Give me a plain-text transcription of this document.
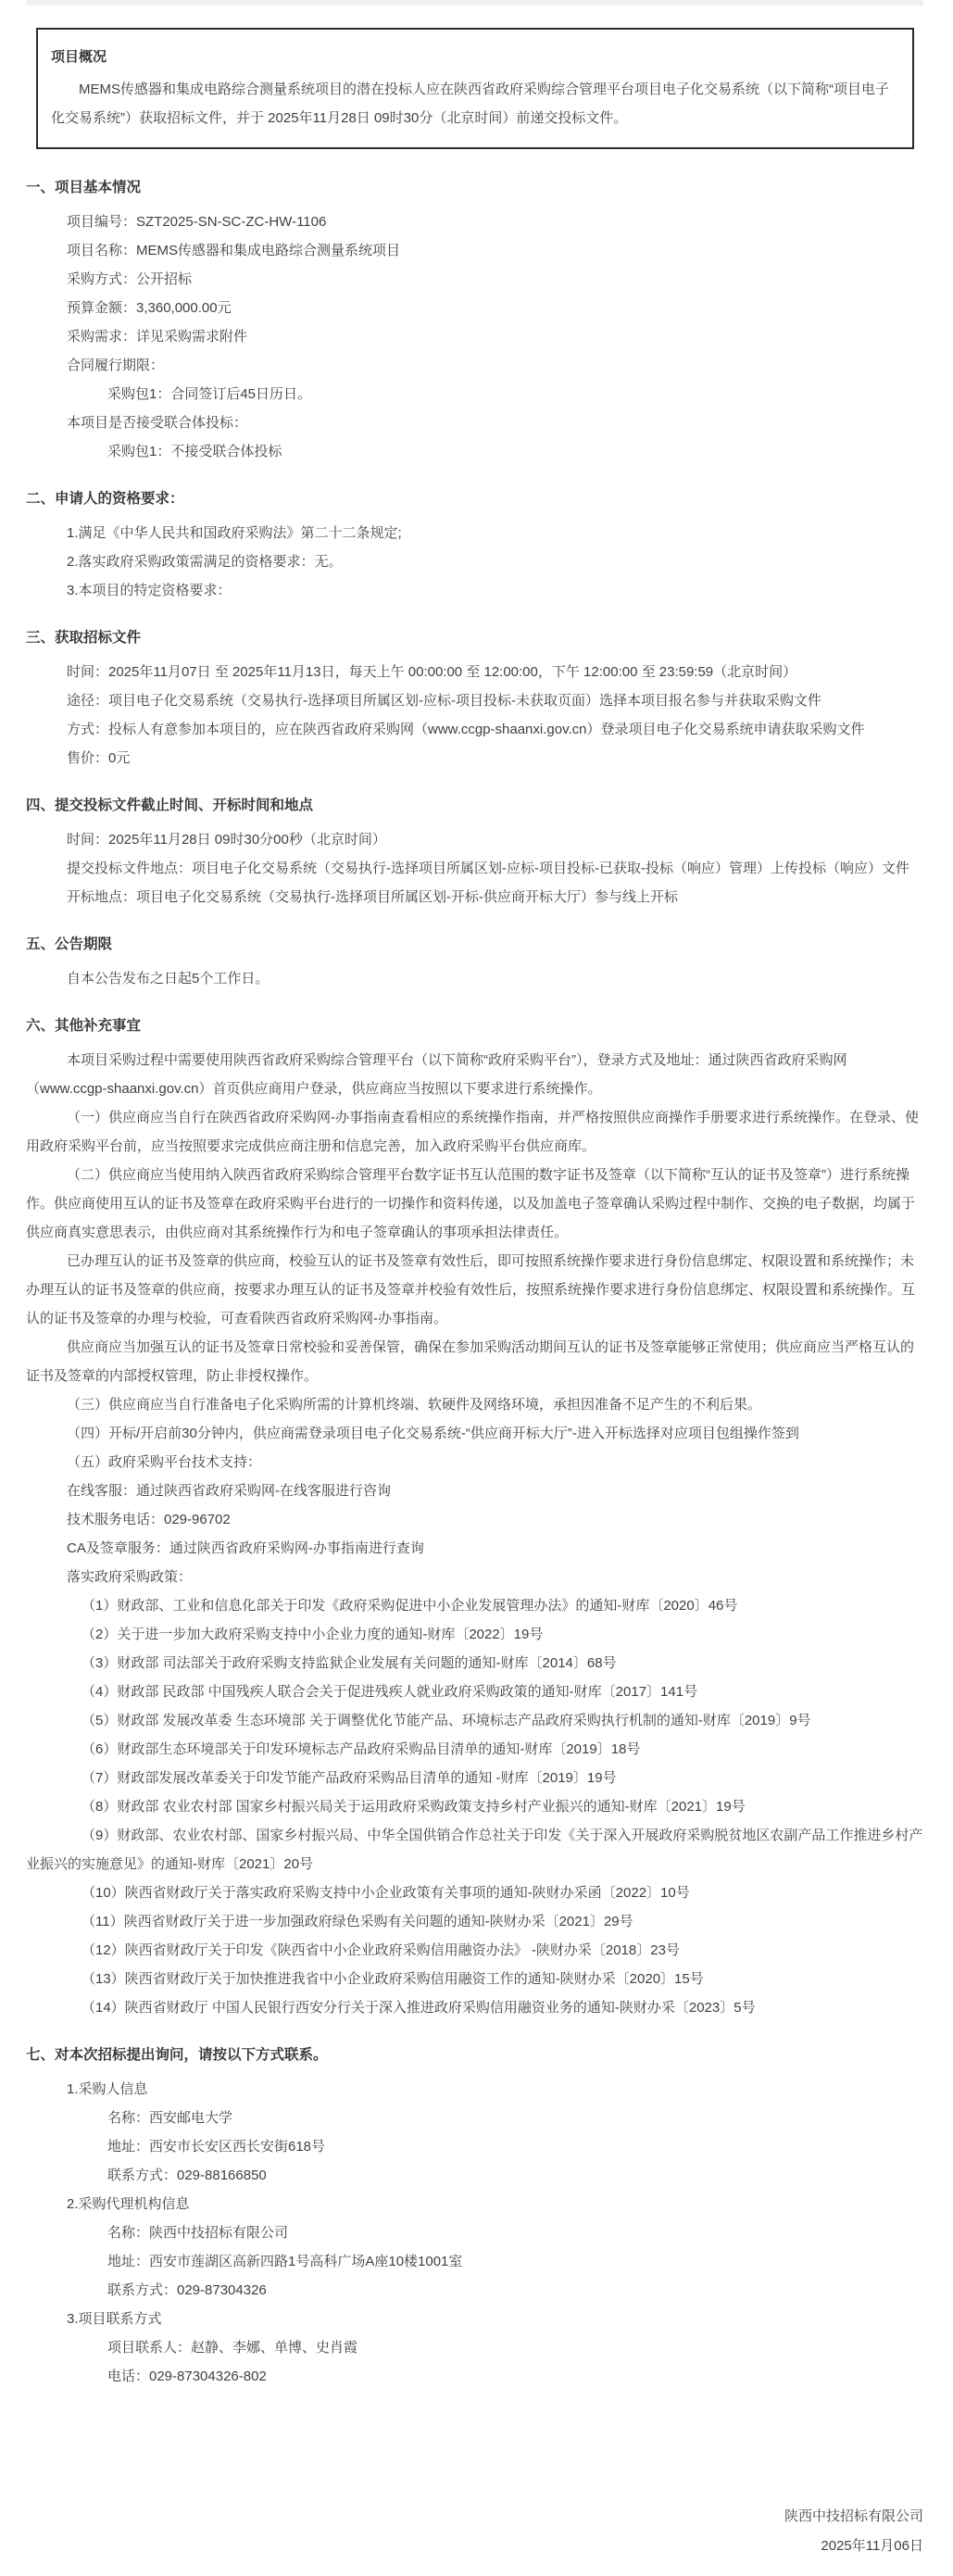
项目概况

MEMS传感器和集成电路综合测量系统项目的潜在投标人应在陕西省政府采购综合管理平台项目电子化交易系统（以下简称“项目电子化交易系统”）获取招标文件，并于 2025年11月28日 09时30分（北京时间）前递交投标文件。

一、项目基本情况

项目编号：SZT2025-SN-SC-ZC-HW-1106

项目名称：MEMS传感器和集成电路综合测量系统项目

采购方式：公开招标

预算金额：3,360,000.00元

采购需求：详见采购需求附件

合同履行期限：

采购包1：合同签订后45日历日。

本项目是否接受联合体投标：

采购包1：不接受联合体投标

二、申请人的资格要求：

1.满足《中华人民共和国政府采购法》第二十二条规定;

2.落实政府采购政策需满足的资格要求：无。

3.本项目的特定资格要求：

三、获取招标文件

时间：2025年11月07日 至 2025年11月13日，每天上午 00:00:00 至 12:00:00，下午 12:00:00 至 23:59:59（北京时间）

途径：项目电子化交易系统（交易执行-选择项目所属区划-应标-项目投标-未获取页面）选择本项目报名参与并获取采购文件

方式：投标人有意参加本项目的，应在陕西省政府采购网（www.ccgp-shaanxi.gov.cn）登录项目电子化交易系统申请获取采购文件

售价：0元

四、提交投标文件截止时间、开标时间和地点

时间：2025年11月28日 09时30分00秒（北京时间）

提交投标文件地点：项目电子化交易系统（交易执行-选择项目所属区划-应标-项目投标-已获取-投标（响应）管理）上传投标（响应）文件

开标地点：项目电子化交易系统（交易执行-选择项目所属区划-开标-供应商开标大厅）参与线上开标

五、公告期限

自本公告发布之日起5个工作日。

六、其他补充事宜

本项目采购过程中需要使用陕西省政府采购综合管理平台（以下简称“政府采购平台”），登录方式及地址：通过陕西省政府采购网（www.ccgp-shaanxi.gov.cn）首页供应商用户登录，供应商应当按照以下要求进行系统操作。

（一）供应商应当自行在陕西省政府采购网-办事指南查看相应的系统操作指南，并严格按照供应商操作手册要求进行系统操作。在登录、使用政府采购平台前，应当按照要求完成供应商注册和信息完善，加入政府采购平台供应商库。

（二）供应商应当使用纳入陕西省政府采购综合管理平台数字证书互认范围的数字证书及签章（以下简称“互认的证书及签章”）进行系统操作。供应商使用互认的证书及签章在政府采购平台进行的一切操作和资料传递，以及加盖电子签章确认采购过程中制作、交换的电子数据，均属于供应商真实意思表示，由供应商对其系统操作行为和电子签章确认的事项承担法律责任。

已办理互认的证书及签章的供应商，校验互认的证书及签章有效性后，即可按照系统操作要求进行身份信息绑定、权限设置和系统操作；未办理互认的证书及签章的供应商，按要求办理互认的证书及签章并校验有效性后，按照系统操作要求进行身份信息绑定、权限设置和系统操作。互认的证书及签章的办理与校验，可查看陕西省政府采购网-办事指南。

供应商应当加强互认的证书及签章日常校验和妥善保管，确保在参加采购活动期间互认的证书及签章能够正常使用；供应商应当严格互认的证书及签章的内部授权管理，防止非授权操作。

（三）供应商应当自行准备电子化采购所需的计算机终端、软硬件及网络环境，承担因准备不足产生的不利后果。

（四）开标/开启前30分钟内，供应商需登录项目电子化交易系统-“供应商开标大厅”-进入开标选择对应项目包组操作签到

（五）政府采购平台技术支持：

在线客服：通过陕西省政府采购网-在线客服进行咨询

技术服务电话：029-96702

CA及签章服务：通过陕西省政府采购网-办事指南进行查询

落实政府采购政策：

（1）财政部、工业和信息化部关于印发《政府采购促进中小企业发展管理办法》的通知-财库〔2020〕46号

（2）关于进一步加大政府采购支持中小企业力度的通知-财库〔2022〕19号

（3）财政部 司法部关于政府采购支持监狱企业发展有关问题的通知-财库〔2014〕68号

（4）财政部 民政部 中国残疾人联合会关于促进残疾人就业政府采购政策的通知-财库〔2017〕141号

（5）财政部 发展改革委 生态环境部 关于调整优化节能产品、环境标志产品政府采购执行机制的通知-财库〔2019〕9号

（6）财政部生态环境部关于印发环境标志产品政府采购品目清单的通知-财库〔2019〕18号

（7）财政部发展改革委关于印发节能产品政府采购品目清单的通知 -财库〔2019〕19号

（8）财政部 农业农村部 国家乡村振兴局关于运用政府采购政策支持乡村产业振兴的通知-财库〔2021〕19号

（9）财政部、农业农村部、国家乡村振兴局、中华全国供销合作总社关于印发《关于深入开展政府采购脱贫地区农副产品工作推进乡村产业振兴的实施意见》的通知-财库〔2021〕20号

（10）陕西省财政厅关于落实政府采购支持中小企业政策有关事项的通知-陕财办采函〔2022〕10号

（11）陕西省财政厅关于进一步加强政府绿色采购有关问题的通知-陕财办采〔2021〕29号

（12）陕西省财政厅关于印发《陕西省中小企业政府采购信用融资办法》 -陕财办采〔2018〕23号

（13）陕西省财政厅关于加快推进我省中小企业政府采购信用融资工作的通知-陕财办采〔2020〕15号

（14）陕西省财政厅 中国人民银行西安分行关于深入推进政府采购信用融资业务的通知-陕财办采〔2023〕5号

七、对本次招标提出询问，请按以下方式联系。

1.采购人信息

名称：西安邮电大学

地址：西安市长安区西长安街618号

联系方式：029-88166850

2.采购代理机构信息

名称：陕西中技招标有限公司

地址：西安市莲湖区高新四路1号高科广场A座10楼1001室

联系方式：029-87304326

3.项目联系方式

项目联系人：赵静、李娜、单博、史肖霞

电话：029-87304326-802

陕西中技招标有限公司

2025年11月06日
